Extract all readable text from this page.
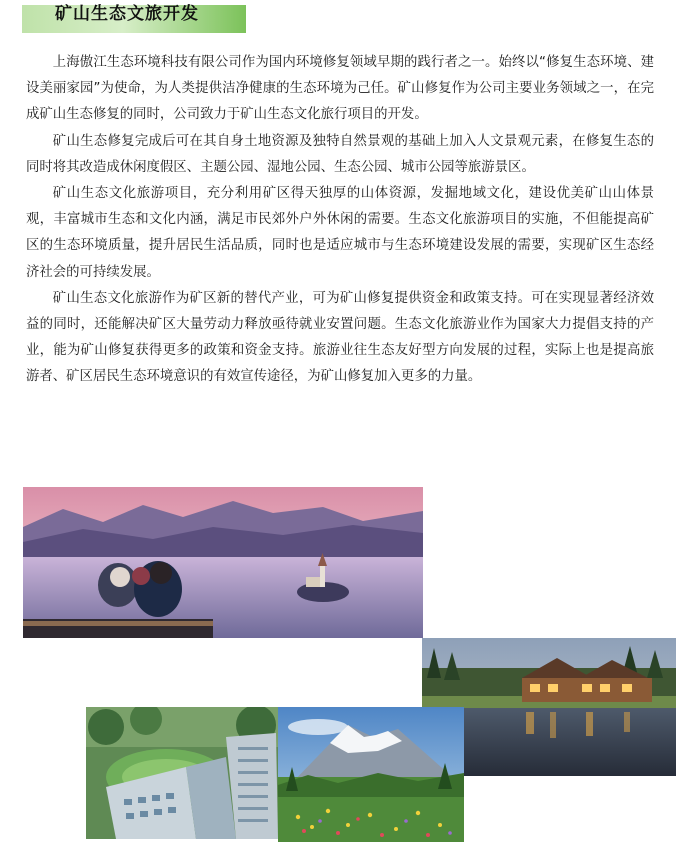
矿山生态文旅开发

上海傲江生态环境科技有限公司作为国内环境修复领域早期的践行者之一。始终以“修复生态环境、建设美丽家园”为使命，为人类提供洁净健康的生态环境为己任。矿山修复作为公司主要业务领域之一，在完成矿山生态修复的同时，公司致力于矿山生态文化旅行项目的开发。

矿山生态修复完成后可在其自身土地资源及独特自然景观的基础上加入人文景观元素，在修复生态的同时将其改造成休闲度假区、主题公园、湿地公园、生态公园、城市公园等旅游景区。

矿山生态文化旅游项目，充分利用矿区得天独厚的山体资源，发掘地域文化，建设优美矿山山体景观，丰富城市生态和文化内涵，满足市民郊外户外休闲的需要。生态文化旅游项目的实施，不但能提高矿区的生态环境质量，提升居民生活品质，同时也是适应城市与生态环境建设发展的需要，实现矿区生态经济社会的可持续发展。

矿山生态文化旅游作为矿区新的替代产业，可为矿山修复提供资金和政策支持。可在实现显著经济效益的同时，还能解决矿区大量劳动力释放亟待就业安置问题。生态文化旅游业作为国家大力提倡支持的产业，能为矿山修复获得更多的政策和资金支持。旅游业往生态友好型方向发展的过程，实际上也是提高旅游者、矿区居民生态环境意识的有效宣传途径，为矿山修复加入更多的力量。
